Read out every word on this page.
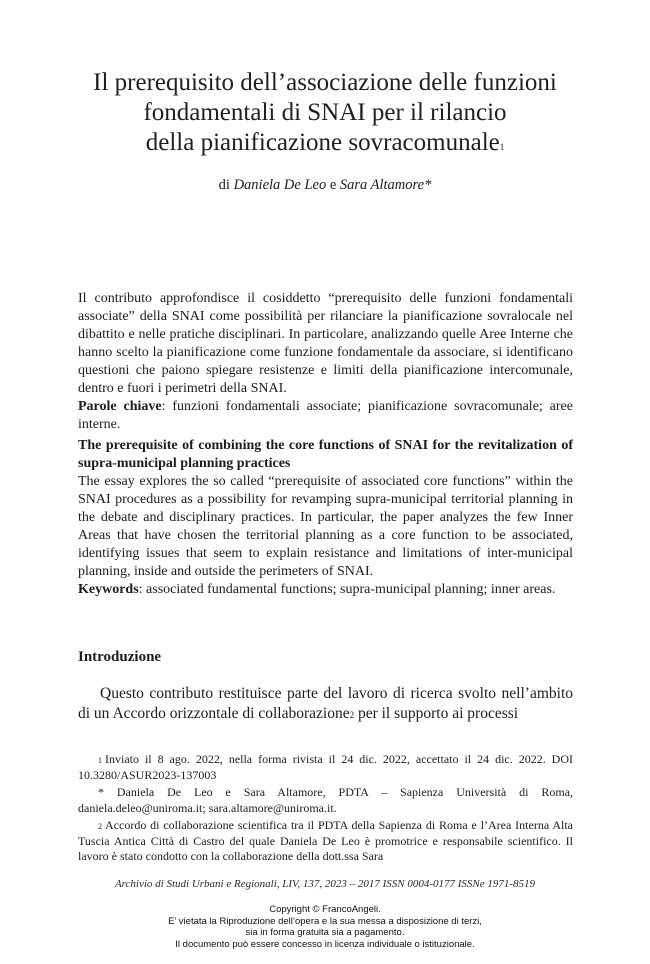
Il prerequisito dell’associazione delle funzioni
fondamentali di SNAI per il rilancio
della pianificazione sovracomunale$^1$
di Daniela De Leo e Sara Altamore*

Il contributo approfondisce il cosiddetto “prerequisito delle funzioni fondamentali associate” della SNAI come possibilità per rilanciare la pianificazione sovralocale nel dibattito e nelle pratiche disciplinari. In particolare, analizzando quelle Aree Interne che hanno scelto la pianificazione come funzione fondamentale da associare, si identificano questioni che paiono spiegare resistenze e limiti della pianificazione intercomunale, dentro e fuori i perimetri della SNAI.
Parole chiave: funzioni fondamentali associate; pianificazione sovracomunale; aree interne.

The prerequisite of combining the core functions of SNAI for the revitalization of supra-municipal planning practices

The essay explores the so called “prerequisite of associated core functions” within the SNAI procedures as a possibility for revamping supra-municipal territorial planning in the debate and disciplinary practices. In particular, the paper analyzes the few Inner Areas that have chosen the territorial planning as a core function to be associated, identifying issues that seem to explain resistance and limitations of inter-municipal planning, inside and outside the perimeters of SNAI.
Keywords: associated fundamental functions; supra-municipal planning; inner areas.

Introduzione

Questo contributo restituisce parte del lavoro di ricerca svolto nell’ambito di un Accordo orizzontale di collaborazione$^2$ per il supporto ai processi

$^1$ Inviato il 8 ago. 2022, nella forma rivista il 24 dic. 2022, accettato il 24 dic. 2022. DOI 10.3280/ASUR2023-137003

* Daniela De Leo e Sara Altamore, PDTA – Sapienza Università di Roma, daniela.deleo@uniroma.it; sara.altamore@uniroma.it.

$^2$ Accordo di collaborazione scientifica tra il PDTA della Sapienza di Roma e l’Area Interna Alta Tuscia Antica Città di Castro del quale Daniela De Leo è promotrice e responsabile scientifico. Il lavoro è stato condotto con la collaborazione della dott.ssa Sara

Archivio di Studi Urbani e Regionali, LIV, 137, 2023 – 2017 ISSN 0004-0177 ISSNe 1971-8519
Copyright © FrancoAngeli.
E’ vietata la Riproduzione dell’opera e la sua messa a disposizione di terzi,
sia in forma gratuita sia a pagamento.
Il documento può essere concesso in licenza individuale o istituzionale.
